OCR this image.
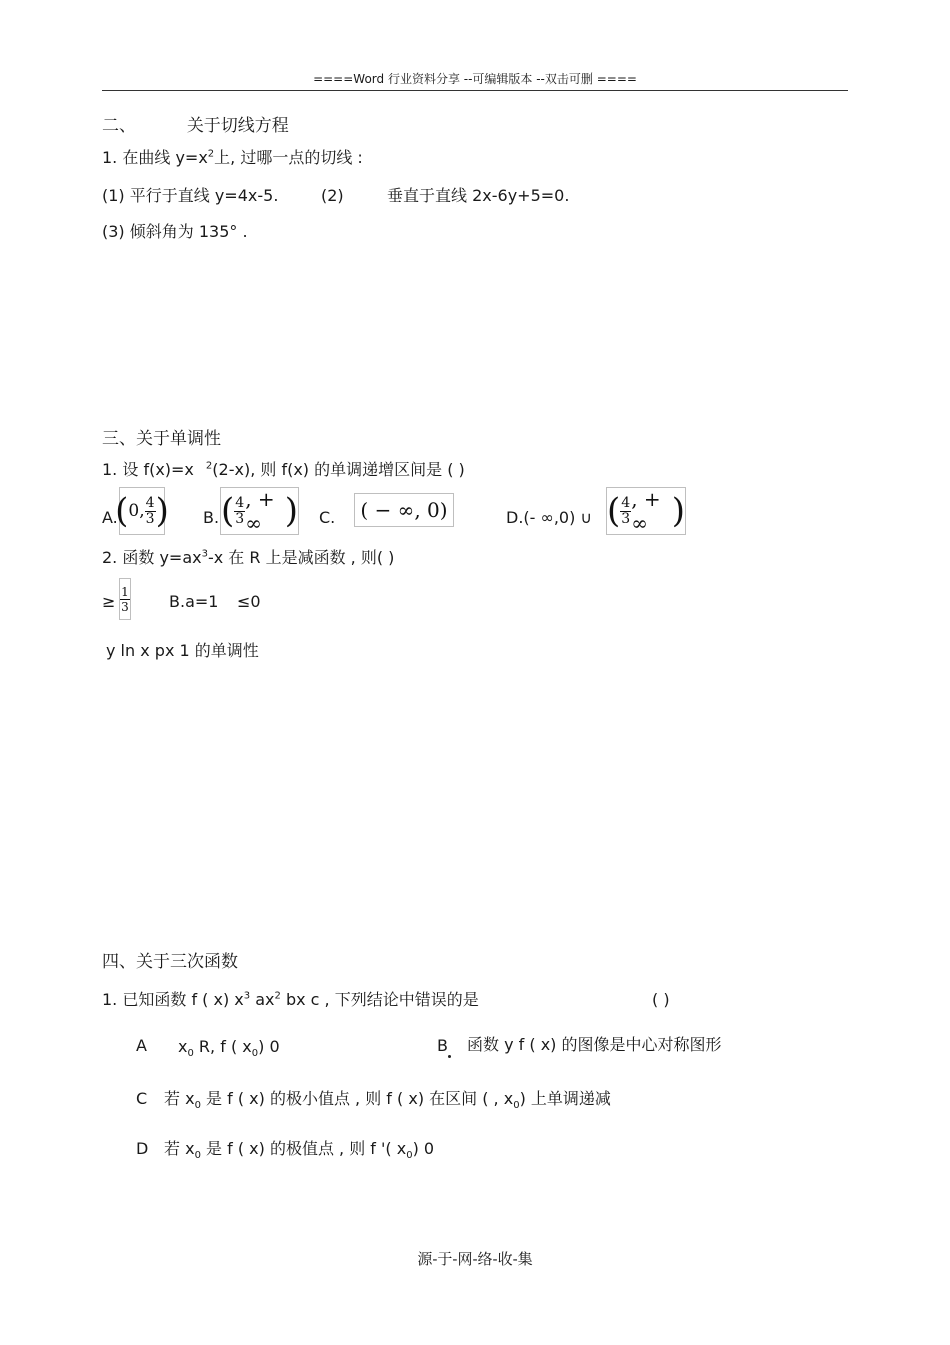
====Word 行业资料分享 --可编辑版本 --双击可删 ====
二、	关于切线方程
1. 在曲线 $y=x^2$上, 过哪一点的切线 :
(1) 平行于直线 y=4x-5.	(2)	垂直于直线 2x-6y+5=0.
(3) 倾斜角为 135° .
三、关于单调性
1. 设 f(x)=x $^2$(2-x), 则 f(x) 的单调递增区间是 ( )
A.
( 0, $\frac{4}{3}$ ) B. ( $\frac{4}{3}$ , + ∞ ) C.	( − ∞, 0)	D.(- ∞,0) ∪ ( $\frac{4}{3}$ , + ∞ )
2. 函数 $y=ax^3-x$ 在 R 上是减函数 , 则( )
≥ $\frac{1}{3} B.a=1 \le 0$
y ln x px 1 的单调性
四、关于三次函数
1. 已知函数 f ( x) $x^3$ $ax^2$ bx c , 下列结论中错误的是	( )
A $x_0$ R, f ( $x_0$) 0	B 函数 y f ( x) 的图像是中心对称图形
C 若 $x_0$ 是 f ( x) 的极小值点 , 则 f ( x) 在区间 ( , $x_0$) 上单调递减
D 若 $x_0$ 是 f ( x) 的极值点 , 则 f '( $x_0$) 0
源-于-网-络-收-集
